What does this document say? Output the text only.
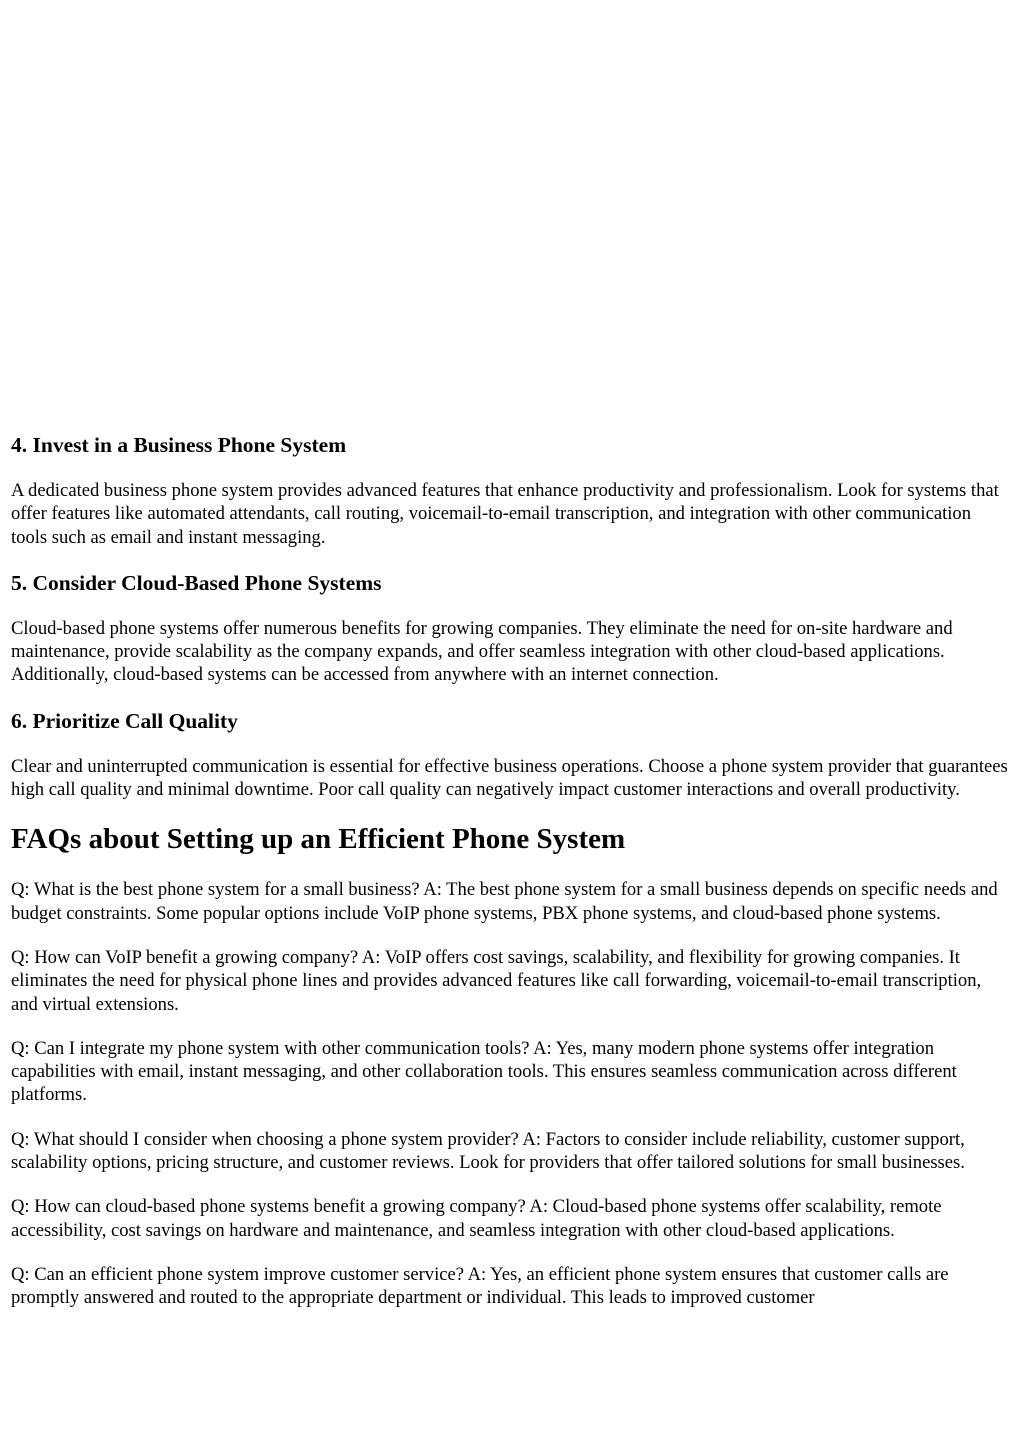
4. Invest in a Business Phone System

A dedicated business phone system provides advanced features that enhance productivity and professionalism. Look for systems that offer features like automated attendants, call routing, voicemail-to-email transcription, and integration with other communication tools such as email and instant messaging.

5. Consider Cloud-Based Phone Systems

Cloud-based phone systems offer numerous benefits for growing companies. They eliminate the need for on-site hardware and maintenance, provide scalability as the company expands, and offer seamless integration with other cloud-based applications. Additionally, cloud-based systems can be accessed from anywhere with an internet connection.

6. Prioritize Call Quality

Clear and uninterrupted communication is essential for effective business operations. Choose a phone system provider that guarantees high call quality and minimal downtime. Poor call quality can negatively impact customer interactions and overall productivity.

FAQs about Setting up an Efficient Phone System

Q: What is the best phone system for a small business? A: The best phone system for a small business depends on specific needs and budget constraints. Some popular options include VoIP phone systems, PBX phone systems, and cloud-based phone systems.

Q: How can VoIP benefit a growing company? A: VoIP offers cost savings, scalability, and flexibility for growing companies. It eliminates the need for physical phone lines and provides advanced features like call forwarding, voicemail-to-email transcription, and virtual extensions.

Q: Can I integrate my phone system with other communication tools? A: Yes, many modern phone systems offer integration capabilities with email, instant messaging, and other collaboration tools. This ensures seamless communication across different platforms.

Q: What should I consider when choosing a phone system provider? A: Factors to consider include reliability, customer support, scalability options, pricing structure, and customer reviews. Look for providers that offer tailored solutions for small businesses.

Q: How can cloud-based phone systems benefit a growing company? A: Cloud-based phone systems offer scalability, remote accessibility, cost savings on hardware and maintenance, and seamless integration with other cloud-based applications.

Q: Can an efficient phone system improve customer service? A: Yes, an efficient phone system ensures that customer calls are promptly answered and routed to the appropriate department or individual. This leads to improved customer
